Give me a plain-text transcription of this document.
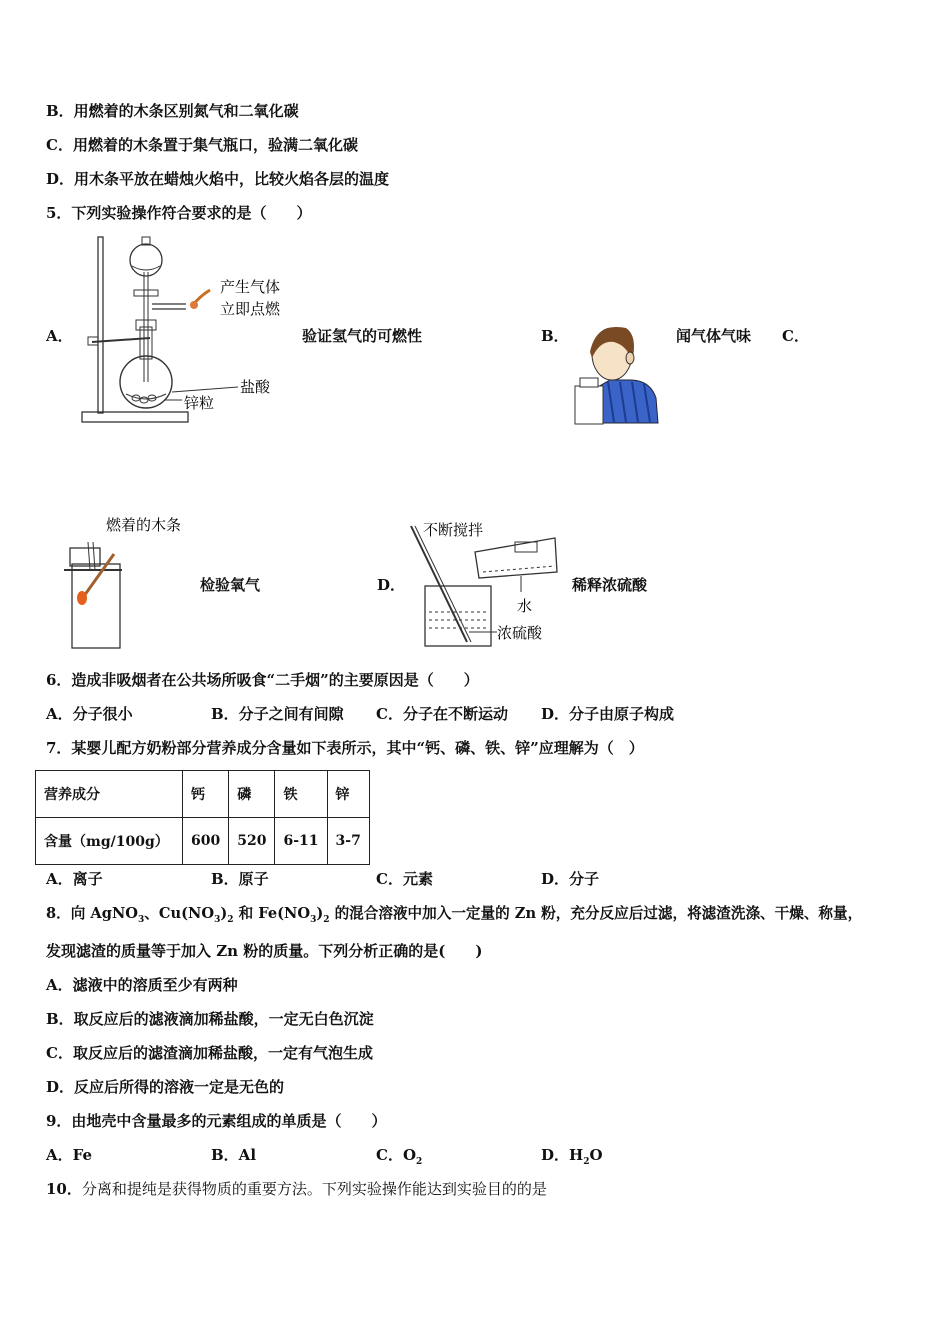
B．用燃着的木条区别氮气和二氧化碳
C．用燃着的木条置于集气瓶口，验满二氧化碳
D．用木条平放在蜡烛火焰中，比较火焰各层的温度
5．下列实验操作符合要求的是（　　）
A．
产生气体
立即点燃
盐酸
锌粒
验证氢气的可燃性	B．	闻气体气味 C．
燃着的木条
检验氧气	D．
不断搅拌
水
浓硫酸
稀释浓硫酸
6．造成非吸烟者在公共场所吸食“二手烟”的主要原因是（　　）
A．分子很小	B．分子之间有间隙 C．分子在不断运动 D．分子由原子构成
7．某婴儿配方奶粉部分营养成分含量如下表所示，其中“钙、磷、铁、锌”应理解为（　）
营养成分	钙	磷	铁	锌
含量（mg/100g）	600	520	6-11	3-7
A．离子	B．原子	C．元素	D．分子
8．向 AgNO$_3$、$Cu(NO_3)_2$ 和 $Fe(NO_3)_2$ 的混合溶液中加入一定量的 Zn 粉，充分反应后过滤，将滤渣洗涤、干燥、称量，
发现滤渣的质量等于加入 Zn 粉的质量。下列分析正确的是(　　)
A．滤液中的溶质至少有两种
B．取反应后的滤液滴加稀盐酸，一定无白色沉淀
C．取反应后的滤渣滴加稀盐酸，一定有气泡生成
D．反应后所得的溶液一定是无色的
9．由地壳中含量最多的元素组成的单质是（　　）
A．Fe	B．Al	C．$O_2$	D．$H_2O$
10．分离和提纯是获得物质的重要方法。下列实验操作能达到实验目的的是
